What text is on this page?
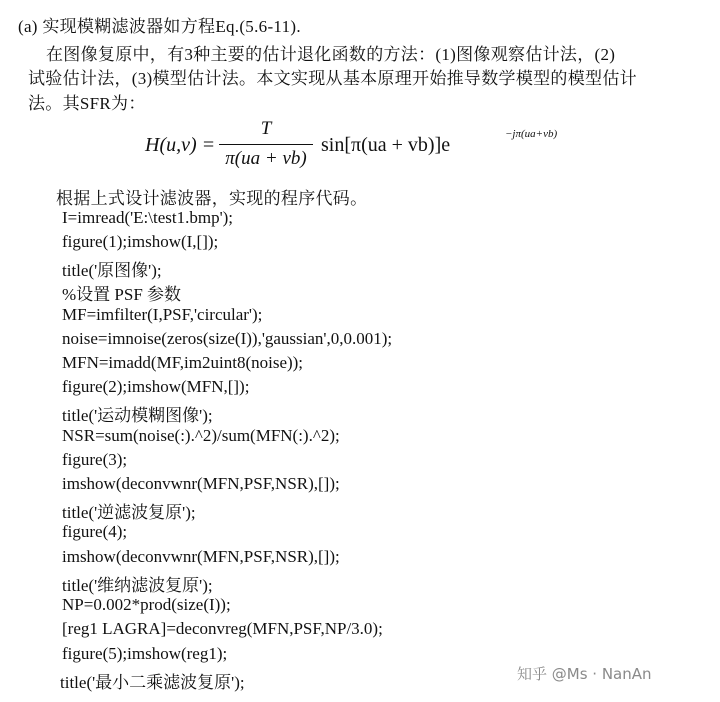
(a) 实现模糊滤波器如方程Eq.(5.6-11).
在图像复原中，有3种主要的估计退化函数的方法：(1)图像观察估计法，(2)
试验估计法，(3)模型估计法。本文实现从基本原理开始推导数学模型的模型估计
法。其SFR为：
H(u,v) =
T
π(ua + vb)
sin[π(ua + vb)]e	−jπ(ua+vb)
根据上式设计滤波器，实现的程序代码。
I=imread('E:\test1.bmp');
figure(1);imshow(I,[]);
title('原图像');
%设置 PSF 参数
MF=imfilter(I,PSF,'circular');
noise=imnoise(zeros(size(I)),'gaussian',0,0.001);
MFN=imadd(MF,im2uint8(noise));
figure(2);imshow(MFN,[]);
title('运动模糊图像');
NSR=sum(noise(:).^2)/sum(MFN(:).^2);
figure(3);
imshow(deconvwnr(MFN,PSF,NSR),[]);
title('逆滤波复原');
figure(4);
imshow(deconvwnr(MFN,PSF,NSR),[]);
title('维纳滤波复原');
NP=0.002*prod(size(I));
[reg1 LAGRA]=deconvreg(MFN,PSF,NP/3.0);
figure(5);imshow(reg1);
title('最小二乘滤波复原');	知乎 @Ms · NanAn
